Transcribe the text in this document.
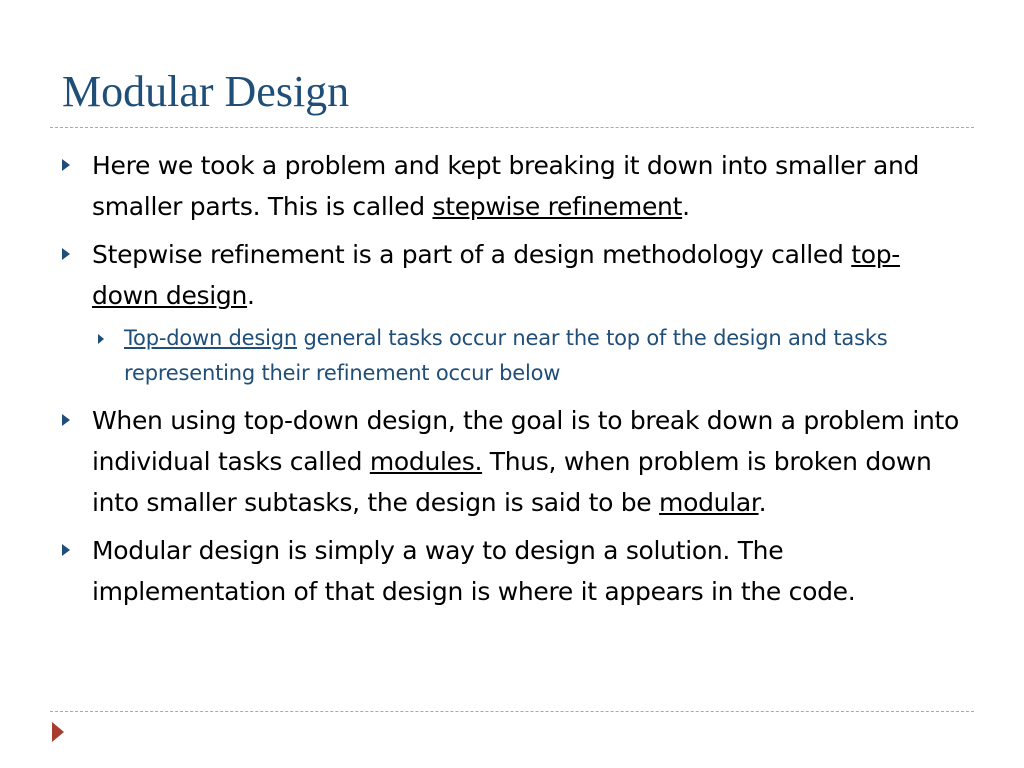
Modular Design
Here we took a problem and kept breaking it down into smaller and smaller parts. This is called stepwise refinement.
Stepwise refinement is a part of a design methodology called top-down design.
Top-down design general tasks occur near the top of the design and tasks representing their refinement occur below
When using top-down design, the goal is to break down a problem into individual tasks called modules. Thus, when problem is broken down into smaller subtasks, the design is said to be modular.
Modular design is simply a way to design a solution. The implementation of that design is where it appears in the code.
